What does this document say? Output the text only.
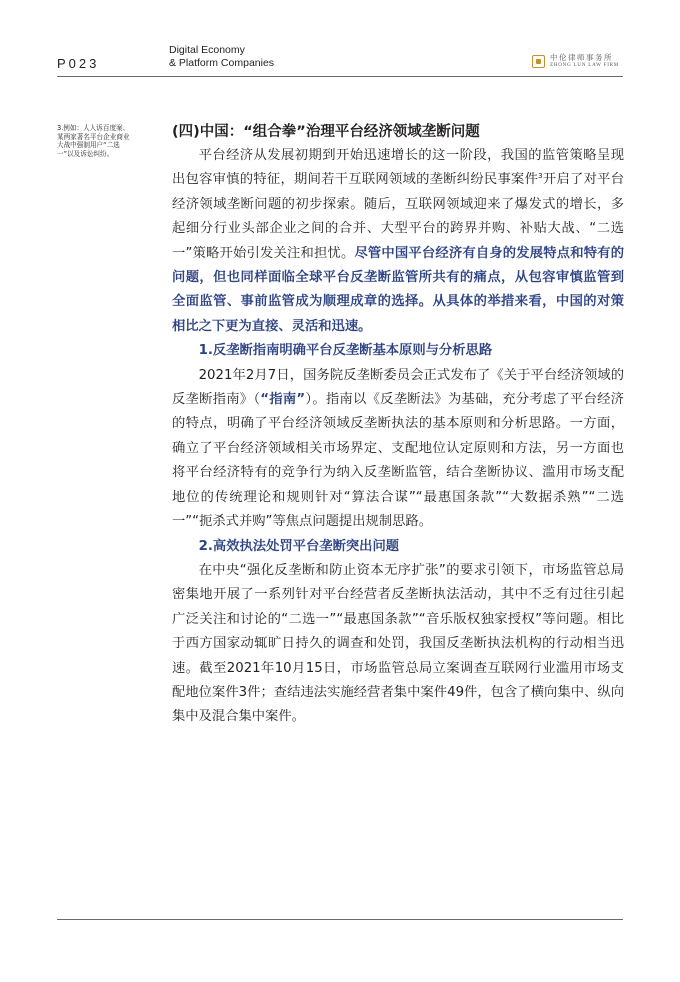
P023
Digital Economy
& Platform Companies	中伦律师事务所
ZHONG LUN LAW FIRM
3.例如：人人诉百度案、某两家著名平台企业商业大战中强制用户“二选一”以及诉讼纠纷。
(四)中国：“组合拳”治理平台经济领域垄断问题

平台经济从发展初期到开始迅速增长的这一阶段，我国的监管策略呈现出包容审慎的特征，期间若干互联网领域的垄断纠纷民事案件$^3$开启了对平台经济领域垄断问题的初步探索。随后，互联网领域迎来了爆发式的增长，多起细分行业头部企业之间的合并、大型平台的跨界并购、补贴大战、“二选一”策略开始引发关注和担忧。尽管中国平台经济有自身的发展特点和特有的问题，但也同样面临全球平台反垄断监管所共有的痛点，从包容审慎监管到全面监管、事前监管成为顺理成章的选择。从具体的举措来看，中国的对策相比之下更为直接、灵活和迅速。

1.反垄断指南明确平台反垄断基本原则与分析思路

2021年2月7日，国务院反垄断委员会正式发布了《关于平台经济领域的反垄断指南》（“指南”）。指南以《反垄断法》为基础，充分考虑了平台经济的特点，明确了平台经济领域反垄断执法的基本原则和分析思路。一方面，确立了平台经济领域相关市场界定、支配地位认定原则和方法，另一方面也将平台经济特有的竞争行为纳入反垄断监管，结合垄断协议、滥用市场支配地位的传统理论和规则针对“算法合谋”“最惠国条款”“大数据杀熟”“二选一”“扼杀式并购”等焦点问题提出规制思路。

2.高效执法处罚平台垄断突出问题

在中央“强化反垄断和防止资本无序扩张”的要求引领下，市场监管总局密集地开展了一系列针对平台经营者反垄断执法活动，其中不乏有过往引起广泛关注和讨论的“二选一”“最惠国条款”“音乐版权独家授权”等问题。相比于西方国家动辄旷日持久的调查和处罚，我国反垄断执法机构的行动相当迅速。截至2021年10月15日，市场监管总局立案调查互联网行业滥用市场支配地位案件3件；查结违法实施经营者集中案件49件，包含了横向集中、纵向集中及混合集中案件。
